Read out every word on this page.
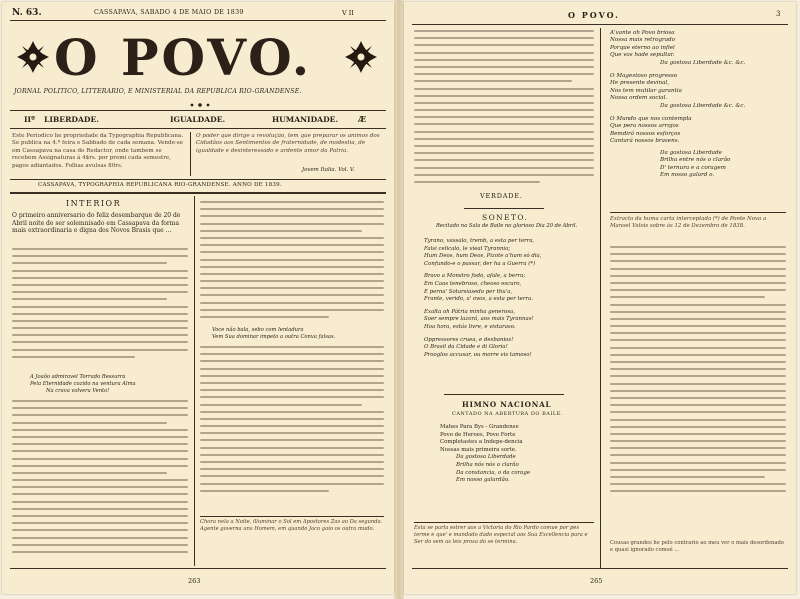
N. 63.	CASSAPAVA, SABADO 4 DE MAIO DE 1839	V II
O POVO.
JORNAL POLITICO, LITTERARIO, E MINISTERIAL DA REPUBLICA RIO-GRANDENSE.
IIº LIBERDADE.	IGUALDADE.	HUMANIDADE. Æ
Este Periodico he propriedade da Typographia Republicana. Se publica na 4.ª feira e Sabbado de cada semana. Vende-se em Cassapava na casa do Redactor, onde tambem se recebem Assignaturas á 4$rs. por premi cada semestre, pagos adiantados. Folhas avulsas 80rs.
O poder que dirige a revolução, tem que preparar os animos dos Cidadãos aos Sentimentos de fraternidade, de modestia, de igualdade e desinteressado e ardente amor da Patria.
Jovem Italia. Vol. V.
CASSAPAVA, TYPOGRAPHIA REPUBLICANA RIO-GRANDENSE. ANNO DE 1839.
INTERIOR
O primeiro anniversario do feliz desembarque de 20 de Abril noite de ser solemnisado em Cassapava da forma mais extraordinaria e digna dos Novos Brasis que ...
A Joaõo admiravel Torrado Ressurra
Pela Eternidade cozido na ventura Alma
Na crava volvera Vento!
Voce não bala, sebo com lentadura
Vem Sua dominar impeto a outra Conva falsas.
Chora nela a Noite, illuminar o Sol em Apostores Zas ao Da segunda. Agente governa uns Homem, em quando Jaco gaio os outra mudo.
263
O POVO.	3
VERDADE.
SONETO.
Recitado na Sala de Baile no glorioso Dia 20 de Abril.
Tyrano, vassalo, tremb, a esta per terra,
Falsi celicalo, le vieal Tyrannia;
Hum Deos, hum Deos, Pizote a'hum só dia,
Confundo-e o passar, der ha a Guerra (*)
Bravo a Monstro fodo, afale, a berra;
Em Caos tenebroso, cheoso escuro,
E perna' Sotarsiasedo per thu'a,
Frante, verido, a' ovos, a esta per terra.
Exalta oh Pátria minha generosa,
Soer sempre lazorá, aos mais Tyrannas!
Hoa hora, estás livre, e vistaraso.
Oppressores cruea, e desbanios!
O Brasil da Cidade e di Gloria!
Prooglos accusar, ou morre vis tamoso!
HIMNO NACIONAL
CANTADO NA ABERTURA DO BAILE.
Mahes Para Bys - Grandense
Povo de Heroes, Povo Forte
Completastes a Indepe-dencia
Nossas mais primeira sorte.
Da gostosa Liberdade
Brilha nós nós o clarão
Da constancia, o da corage
Em nosso galardão.
Esta se parla estrer aos a Victoria do Rio Pardo comue por pés terme e que' e mandado dado especial aos Sua Excellencia para e Ser do sem as leis prosa do se termina.
A'vante oh Povo briosa
Nossa mais retrogrado
Porque eterno ao infiel
Que vos hade sepultar.
Da gostosa Liberdade &c. &c.
O Magestoso progresso
He presente devinal,
Nos tem mutilar garantia
Nossa ordem social.
Da gostosa Liberdade &c. &c.
O Mundo que nos contempla
Que pera nossos arrojos
Bemdirá nossos esforços
Cantará nossos brasens.
Da gostosa Liberdade
Brilha entre nós o clarão
D' ternura e a coragem
Em nosso galard o.
Extracto da huma carta interceptada (*) de Ponte Nova a Manoel Valois sobre ás 12 de Dezembro de 1838.
Cousas grandes he pelo contrario ao meu ver o mais desordenado e quasi ignorado comoé ...
265
